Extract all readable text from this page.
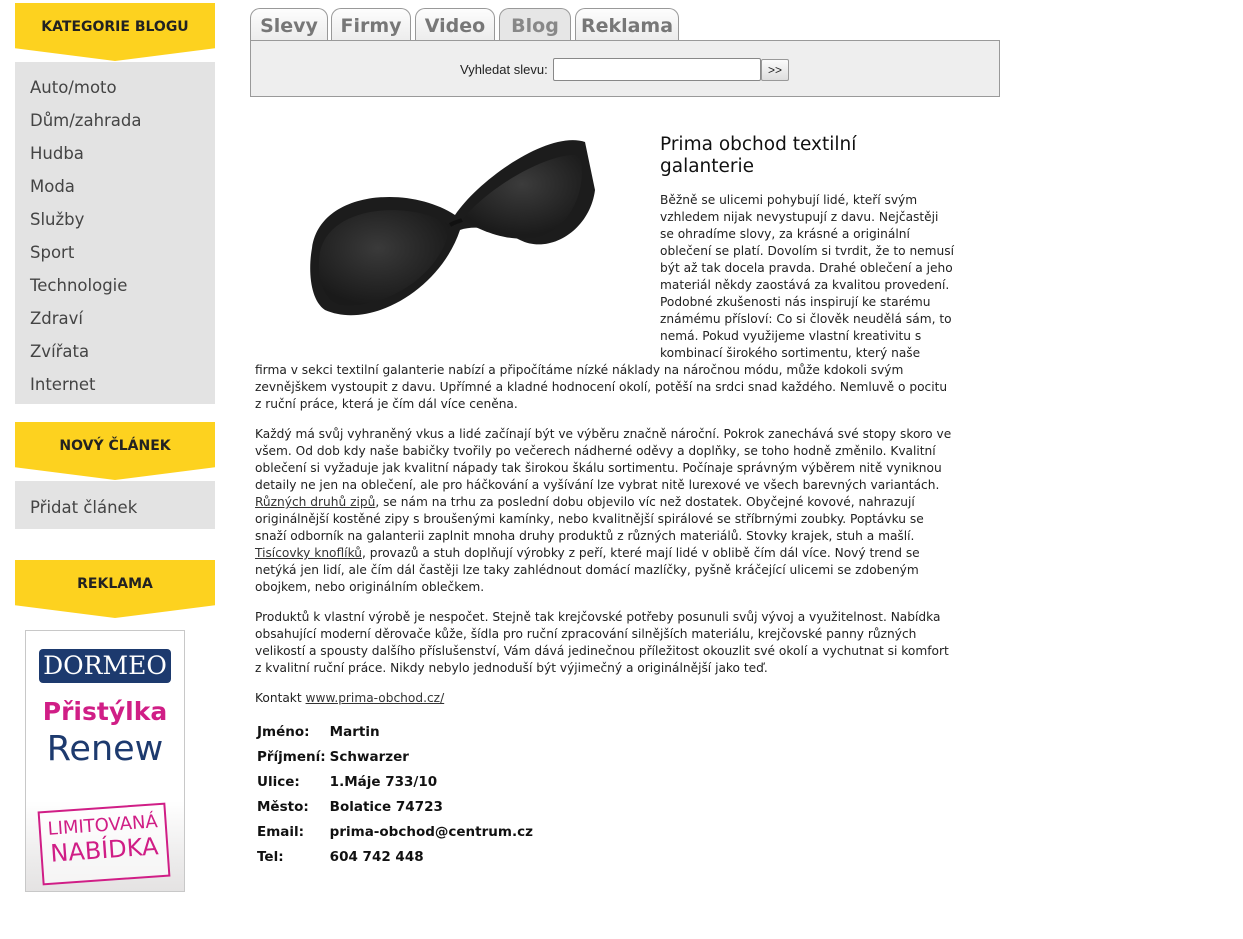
KATEGORIE BLOGU
Auto/moto
Dům/zahrada
Hudba
Moda
Služby
Sport
Technologie
Zdraví
Zvířata
Internet
NOVÝ ČLÁNEK
Přidat článek
REKLAMA
DORMEO
Přistýlka
Renew
LIMITOVANÁ
NABÍDKA
Slevy	Firmy	Video	Blog	Reklama
Vyhledat slevu:	>>
Prima obchod textilní galanterie

Běžně se ulicemi pohybují lidé, kteří svým vzhledem nijak nevystupují z davu. Nejčastěji se ohradíme slovy, za krásné a originální oblečení se platí. Dovolím si tvrdit, že to nemusí být až tak docela pravda. Drahé oblečení a jeho materiál někdy zaostává za kvalitou provedení. Podobné zkušenosti nás inspirují ke starému známému přísloví: Co si člověk neudělá sám, to nemá. Pokud využijeme vlastní kreativitu s kombinací širokého sortimentu, který naše firma v sekci textilní galanterie nabízí a připočítáme nízké náklady na náročnou módu, může kdokoli svým zevnějškem vystoupit z davu. Upřímné a kladné hodnocení okolí, potěší na srdci snad každého. Nemluvě o pocitu z ruční práce, která je čím dál více ceněna.

Každý má svůj vyhraněný vkus a lidé začínají být ve výběru značně nároční. Pokrok zanechává své stopy skoro ve všem. Od dob kdy naše babičky tvořily po večerech nádherné oděvy a doplňky, se toho hodně změnilo. Kvalitní oblečení si vyžaduje jak kvalitní nápady tak širokou škálu sortimentu. Počínaje správným výběrem nitě vyniknou detaily ne jen na oblečení, ale pro háčkování a vyšívání lze vybrat nitě lurexové ve všech barevných variantách. Různých druhů zipů, se nám na trhu za poslední dobu objevilo víc než dostatek. Obyčejné kovové, nahrazují originálnější kostěné zipy s broušenými kamínky, nebo kvalitnější spirálové se stříbrnými zoubky. Poptávku se snaží odborník na galanterii zaplnit mnoha druhy produktů z různých materiálů. Stovky krajek, stuh a mašlí. Tisícovky knoflíků, provazů a stuh doplňují výrobky z peří, které mají lidé v oblibě čím dál více. Nový trend se netýká jen lidí, ale čím dál častěji lze taky zahlédnout domácí mazlíčky, pyšně kráčející ulicemi se zdobeným obojkem, nebo originálním oblečkem.

Produktů k vlastní výrobě je nespočet. Stejně tak krejčovské potřeby posunuli svůj vývoj a využitelnost. Nabídka obsahující moderní děrovače kůže, šídla pro ruční zpracování silnějších materiálu, krejčovské panny různých velikostí a spousty dalšího příslušenství, Vám dává jedinečnou příležitost okouzlit své okolí a vychutnat si komfort z kvalitní ruční práce. Nikdy nebylo jednoduší být výjimečný a originálnější jako teď.

Kontakt www.prima-obchod.cz/

Jméno:	Martin
Příjmení:	Schwarzer
Ulice:	1.Máje 733/10
Město:	Bolatice 74723
Email:	prima-obchod@centrum.cz
Tel:	604 742 448
